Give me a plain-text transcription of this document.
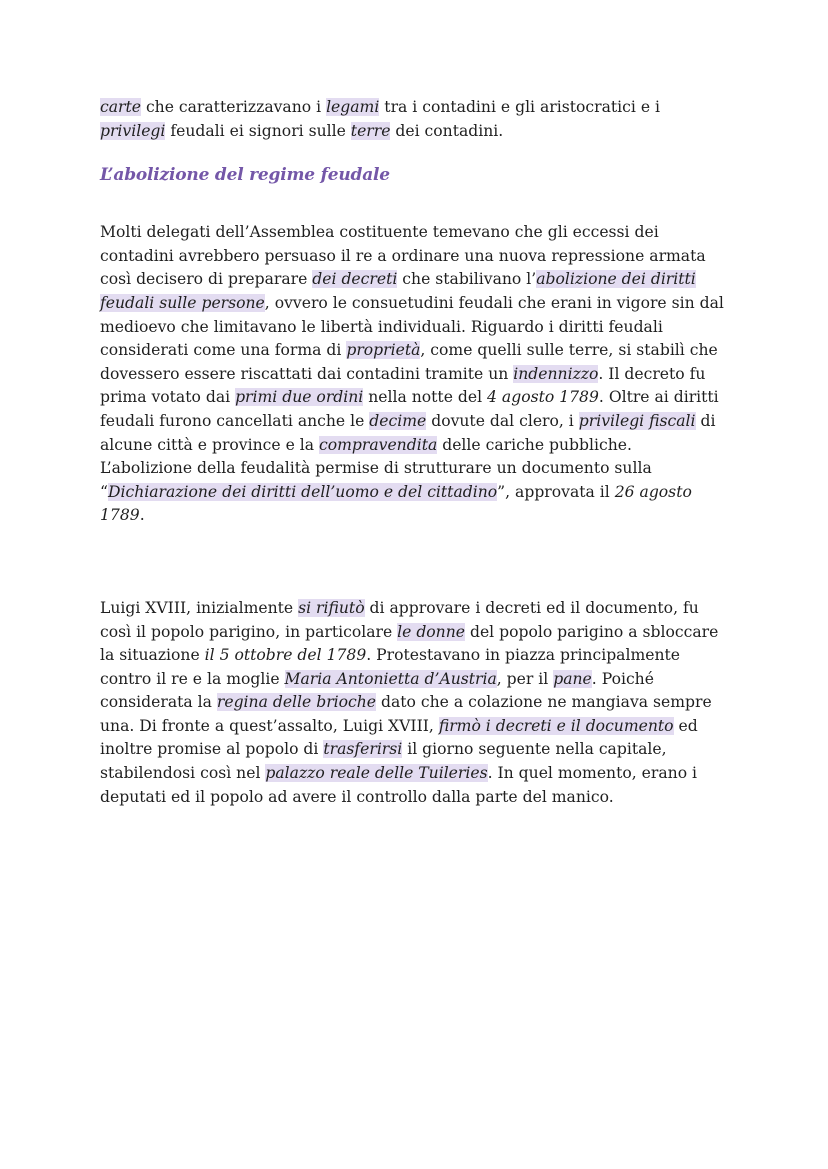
carte che caratterizzavano i legami tra i contadini e gli aristocratici e i privilegi feudali ei signori sulle terre dei contadini.

L’abolizione del regime feudale

Molti delegati dell’Assemblea costituente temevano che gli eccessi dei contadini avrebbero persuaso il re a ordinare una nuova repressione armata così decisero di preparare dei decreti che stabilivano l’abolizione dei diritti feudali sulle persone, ovvero le consuetudini feudali che erani in vigore sin dal medioevo che limitavano le libertà individuali. Riguardo i diritti feudali considerati come una forma di proprietà, come quelli sulle terre, si stabilì che dovessero essere riscattati dai contadini tramite un indennizzo. Il decreto fu prima votato dai primi due ordini nella notte del 4 agosto 1789. Oltre ai diritti feudali furono cancellati anche le decime dovute dal clero, i privilegi fiscali di alcune città e province e la compravendita delle cariche pubbliche.
L’abolizione della feudalità permise di strutturare un documento sulla “Dichiarazione dei diritti dell’uomo e del cittadino”, approvata il 26 agosto 1789.

Luigi XVIII, inizialmente si rifiutò di approvare i decreti ed il documento, fu così il popolo parigino, in particolare le donne del popolo parigino a sbloccare la situazione il 5 ottobre del 1789. Protestavano in piazza principalmente contro il re e la moglie Maria Antonietta d’Austria, per il pane. Poiché considerata la regina delle brioche dato che a colazione ne mangiava sempre una. Di fronte a quest’assalto, Luigi XVIII, firmò i decreti e il documento ed inoltre promise al popolo di trasferirsi il giorno seguente nella capitale, stabilendosi così nel palazzo reale delle Tuileries. In quel momento, erano i deputati ed il popolo ad avere il controllo dalla parte del manico.
